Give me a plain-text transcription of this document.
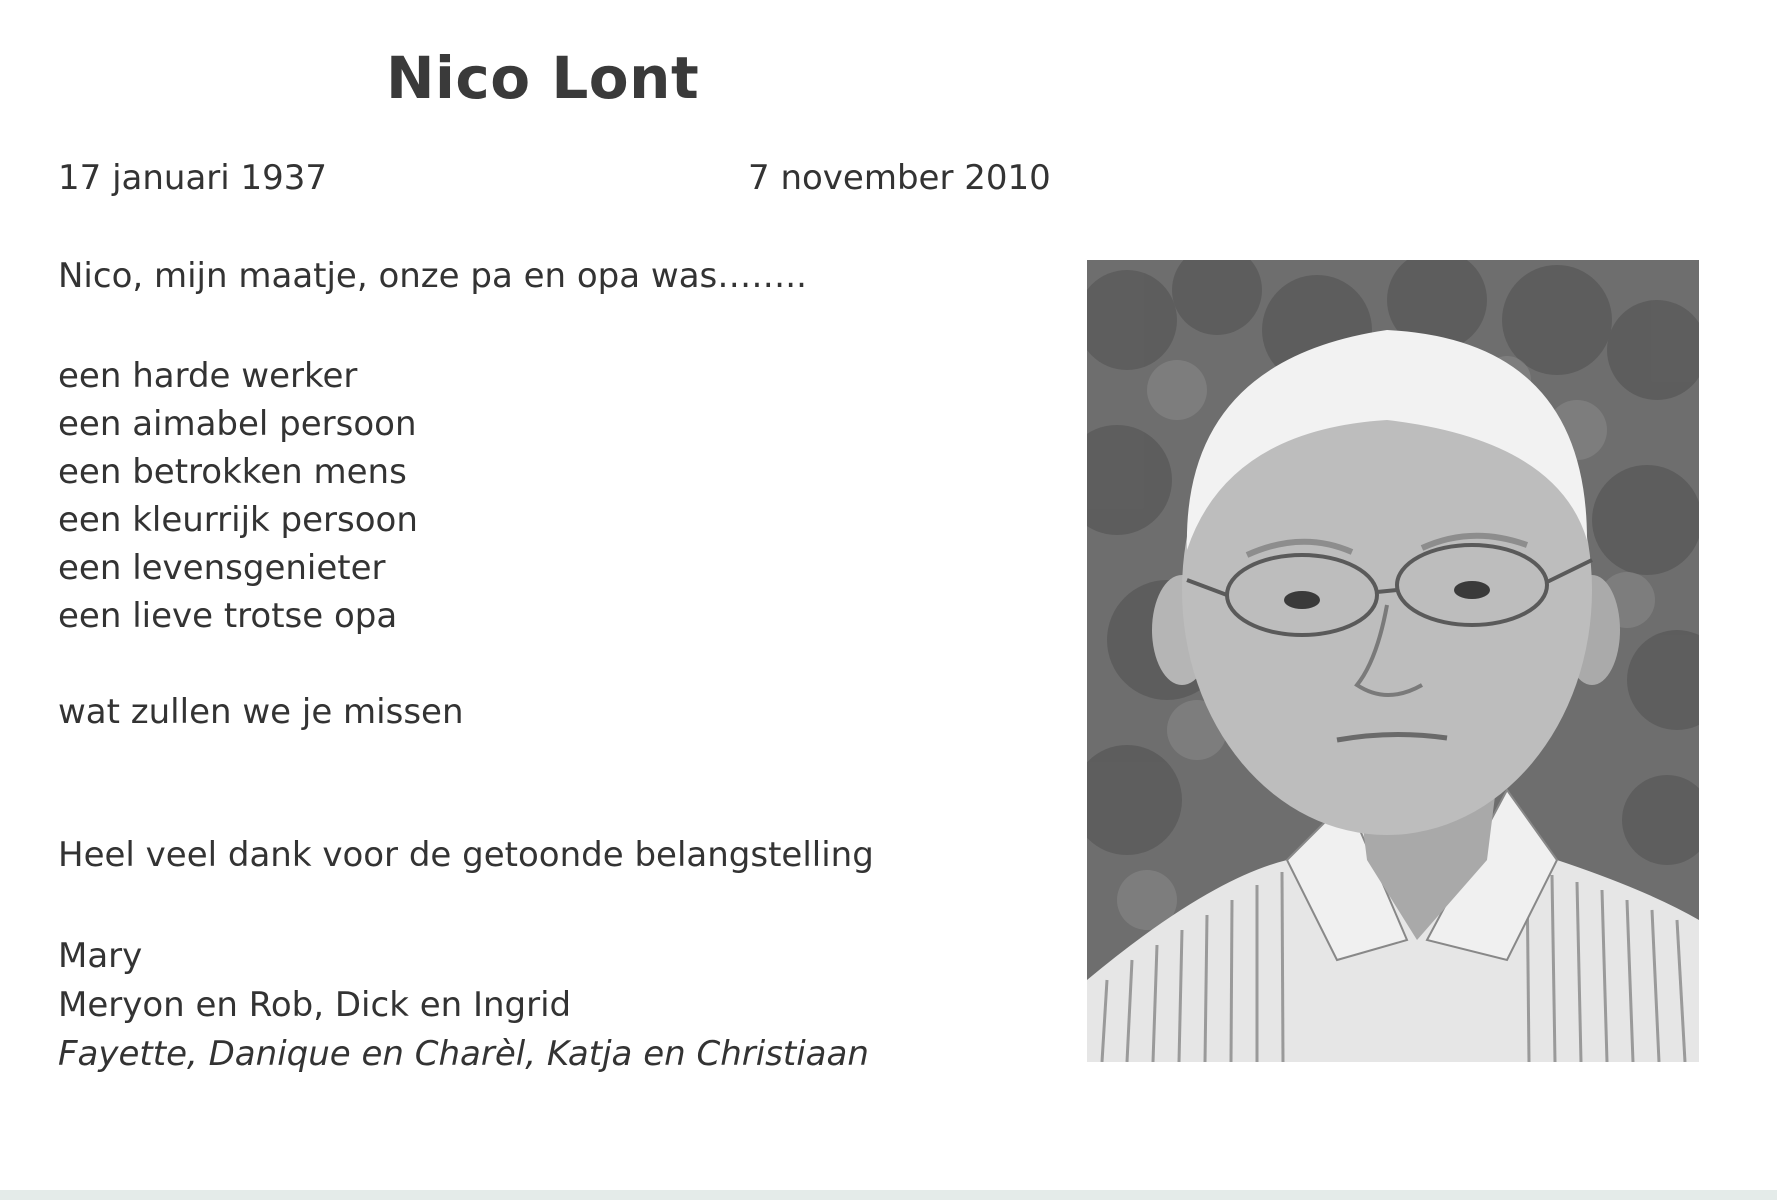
Nico Lont
17 januari 1937	7 november 2010
Nico, mijn maatje, onze pa en opa was……..
een harde werker
een aimabel persoon
een betrokken mens
een kleurrijk persoon
een levensgenieter
een lieve trotse opa
wat zullen we je missen
Heel veel dank voor de getoonde belangstelling
Mary
Meryon en Rob, Dick en Ingrid
Fayette, Danique en Charèl, Katja en Christiaan
